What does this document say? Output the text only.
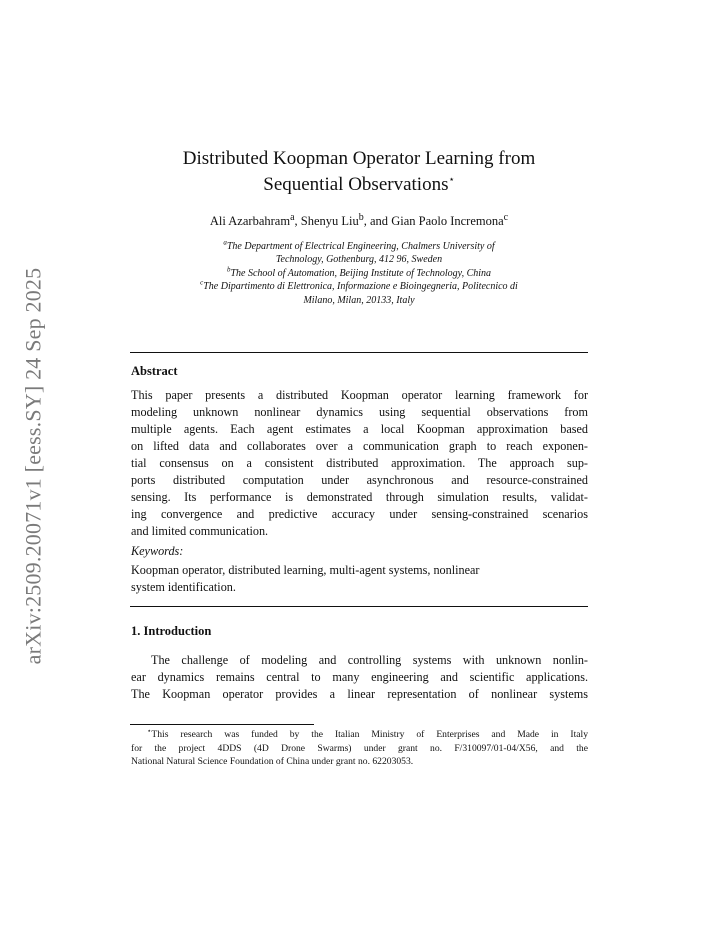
arXiv:2509.20071v1 [eess.SY] 24 Sep 2025
Distributed Koopman Operator Learning from
Sequential Observations⋆
Ali Azarbahram$^a$, Shenyu Liu$^b$, and Gian Paolo Incremona$^c$
$^a$The Department of Electrical Engineering, Chalmers University of
Technology, Gothenburg, 412 96, Sweden
$^b$The School of Automation, Beijing Institute of Technology, China
$^c$The Dipartimento di Elettronica, Informazione e Bioingegneria, Politecnico di
Milano, Milan, 20133, Italy
Abstract
This paper presents a distributed Koopman operator learning framework for
modeling unknown nonlinear dynamics using sequential observations from
multiple agents. Each agent estimates a local Koopman approximation based
on lifted data and collaborates over a communication graph to reach exponen-
tial consensus on a consistent distributed approximation. The approach sup-
ports distributed computation under asynchronous and resource-constrained
sensing. Its performance is demonstrated through simulation results, validat-
ing convergence and predictive accuracy under sensing-constrained scenarios
and limited communication.
Keywords:
Koopman operator, distributed learning, multi-agent systems, nonlinear
system identification.
1. Introduction
The challenge of modeling and controlling systems with unknown nonlin-
ear dynamics remains central to many engineering and scientific applications.
The Koopman operator provides a linear representation of nonlinear systems
⋆This research was funded by the Italian Ministry of Enterprises and Made in Italy
for the project 4DDS (4D Drone Swarms) under grant no. F/310097/01-04/X56, and the
National Natural Science Foundation of China under grant no. 62203053.
